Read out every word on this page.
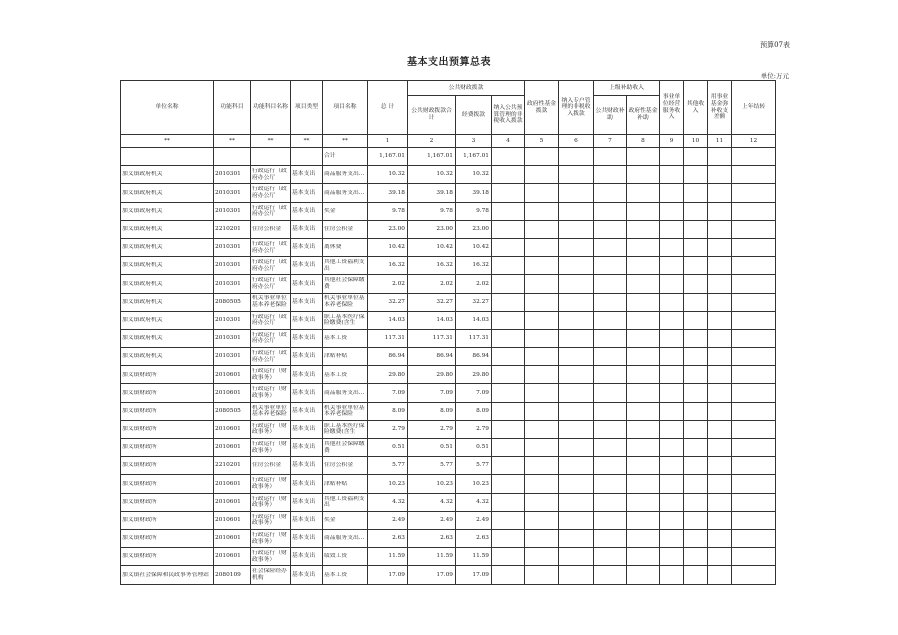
预算07表
基本支出预算总表
单位:万元
单位名称	功能科目	功能科目名称	项目类型	项目名称	总 计	公共财政拨款			政府性基金拨款	纳入专户管理的非税收入拨款	上级补助收入		事业单位经营服务收入	其他收入	用事业基金弥补收支差额	上年结转
						公共财政拨款合计	经费拨款	纳入公共预算管理的非税收入拨款			公共财政补助	政府性基金补助				
**	**	**	**	**	1	2	3	4	5	6	7	8	9	10	11	12
				合计	1,167.01	1,167.01	1,167.01									

加义镇政府机关	2010301	行政运行（政府办公厅	基本支出	商品服务支出…	10.32	10.32	10.32									

加义镇政府机关	2010301	行政运行（政府办公厅	基本支出	商品服务支出…	39.18	39.18	39.18									

加义镇政府机关	2010301	行政运行（政府办公厅	基本支出	奖金	9.78	9.78	9.78									

加义镇政府机关	2210201	住房公积金	基本支出	住房公积金	23.00	23.00	23.00									

加义镇政府机关	2010301	行政运行（政府办公厅	基本支出	离休费	10.42	10.42	10.42									

加义镇政府机关	2010301	行政运行（政府办公厅	基本支出	其他工资福利支出	16.32	16.32	16.32									

加义镇政府机关	2010301	行政运行（政府办公厅	基本支出	其他社会保障缴费	2.02	2.02	2.02									

加义镇政府机关	2080505	机关事业单位基本养老保险	基本支出	机关事业单位基本养老保险	32.27	32.27	32.27									

加义镇政府机关	2010301	行政运行（政府办公厅	基本支出	职工基本医疗保险缴费(含生	14.03	14.03	14.03									

加义镇政府机关	2010301	行政运行（政府办公厅	基本支出	基本工资	117.31	117.31	117.31									

加义镇政府机关	2010301	行政运行（政府办公厅	基本支出	津贴补贴	86.94	86.94	86.94									

加义镇财政所	2010601	行政运行（财政事务）	基本支出	基本工资	29.80	29.80	29.80									

加义镇财政所	2010601	行政运行（财政事务）	基本支出	商品服务支出…	7.09	7.09	7.09									

加义镇财政所	2080505	机关事业单位基本养老保险	基本支出	机关事业单位基本养老保险	8.09	8.09	8.09									

加义镇财政所	2010601	行政运行（财政事务）	基本支出	职工基本医疗保险缴费(含生	2.79	2.79	2.79									

加义镇财政所	2010601	行政运行（财政事务）	基本支出	其他社会保障缴费	0.51	0.51	0.51									

加义镇财政所	2210201	住房公积金	基本支出	住房公积金	5.77	5.77	5.77									

加义镇财政所	2010601	行政运行（财政事务）	基本支出	津贴补贴	10.23	10.23	10.23									

加义镇财政所	2010601	行政运行（财政事务）	基本支出	其他工资福利支出	4.32	4.32	4.32									

加义镇财政所	2010601	行政运行（财政事务）	基本支出	奖金	2.49	2.49	2.49									

加义镇财政所	2010601	行政运行（财政事务）	基本支出	商品服务支出…	2.63	2.63	2.63									

加义镇财政所	2010601	行政运行（财政事务）	基本支出	绩效工资	11.59	11.59	11.59									

加义镇社会保障和民政事务管理站	2080109	社会保险经办机构	基本支出	基本工资	17.09	17.09	17.09									
